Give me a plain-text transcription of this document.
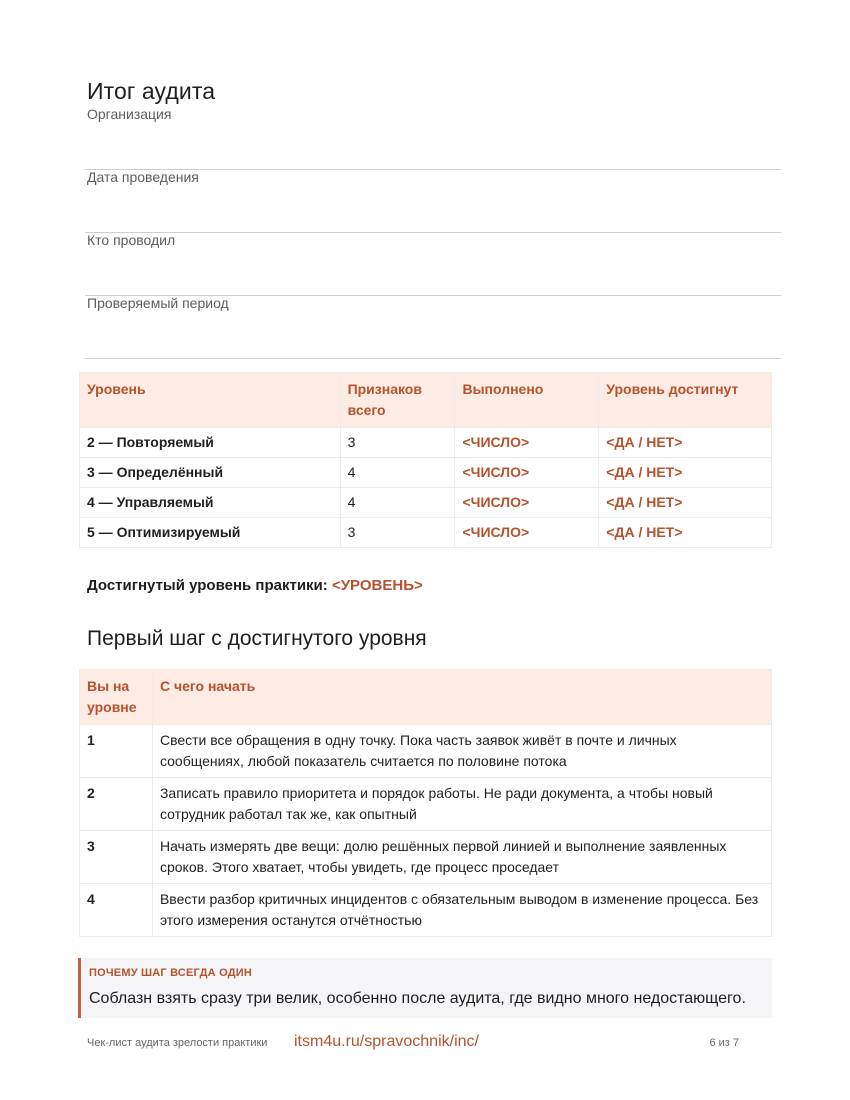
Итог аудита
Организация
Дата проведения
Кто проводил
Проверяемый период
Уровень	Признаков всего	Выполнено	Уровень достигнут
2 — Повторяемый	3	<ЧИСЛО>	<ДА / НЕТ>
3 — Определённый	4	<ЧИСЛО>	<ДА / НЕТ>
4 — Управляемый	4	<ЧИСЛО>	<ДА / НЕТ>
5 — Оптимизируемый	3	<ЧИСЛО>	<ДА / НЕТ>
Достигнутый уровень практики: <УРОВЕНЬ>
Первый шаг с достигнутого уровня
Вы на уровне	С чего начать
1	Свести все обращения в одну точку. Пока часть заявок живёт в почте и личных сообщениях, любой показатель считается по половине потока
2	Записать правило приоритета и порядок работы. Не ради документа, а чтобы новый сотрудник работал так же, как опытный
3	Начать измерять две вещи: долю решённых первой линией и выполнение заявленных сроков. Этого хватает, чтобы увидеть, где процесс проседает
4	Ввести разбор критичных инцидентов с обязательным выводом в изменение процесса. Без этого измерения останутся отчётностью
ПОЧЕМУ ШАГ ВСЕГДА ОДИН
Соблазн взять сразу три велик, особенно после аудита, где видно много недостающего.
Чек-лист аудита зрелости практики itsm4u.ru/spravochnik/inc/	6 из 7
